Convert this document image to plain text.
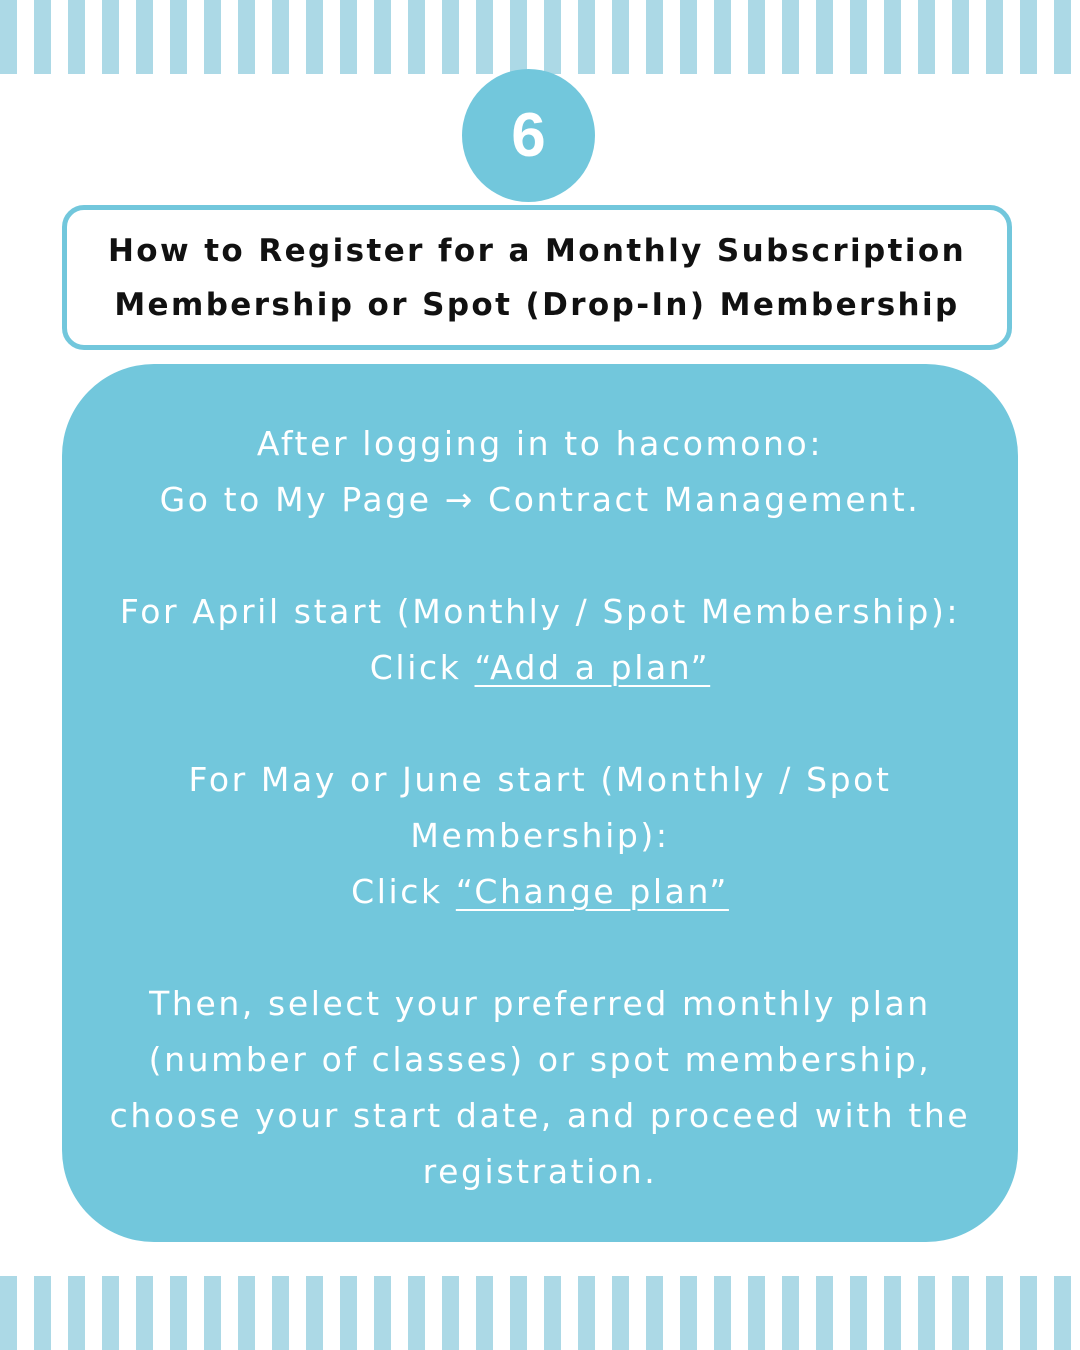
6
How to Register for a Monthly Subscription
Membership or Spot (Drop-In) Membership
After logging in to hacomono:
Go to My Page → Contract Management.
For April start (Monthly / Spot Membership):
Click “Add a plan”
For May or June start (Monthly / Spot
Membership):
Click “Change plan”
Then, select your preferred monthly plan
(number of classes) or spot membership,
choose your start date, and proceed with the
registration.
